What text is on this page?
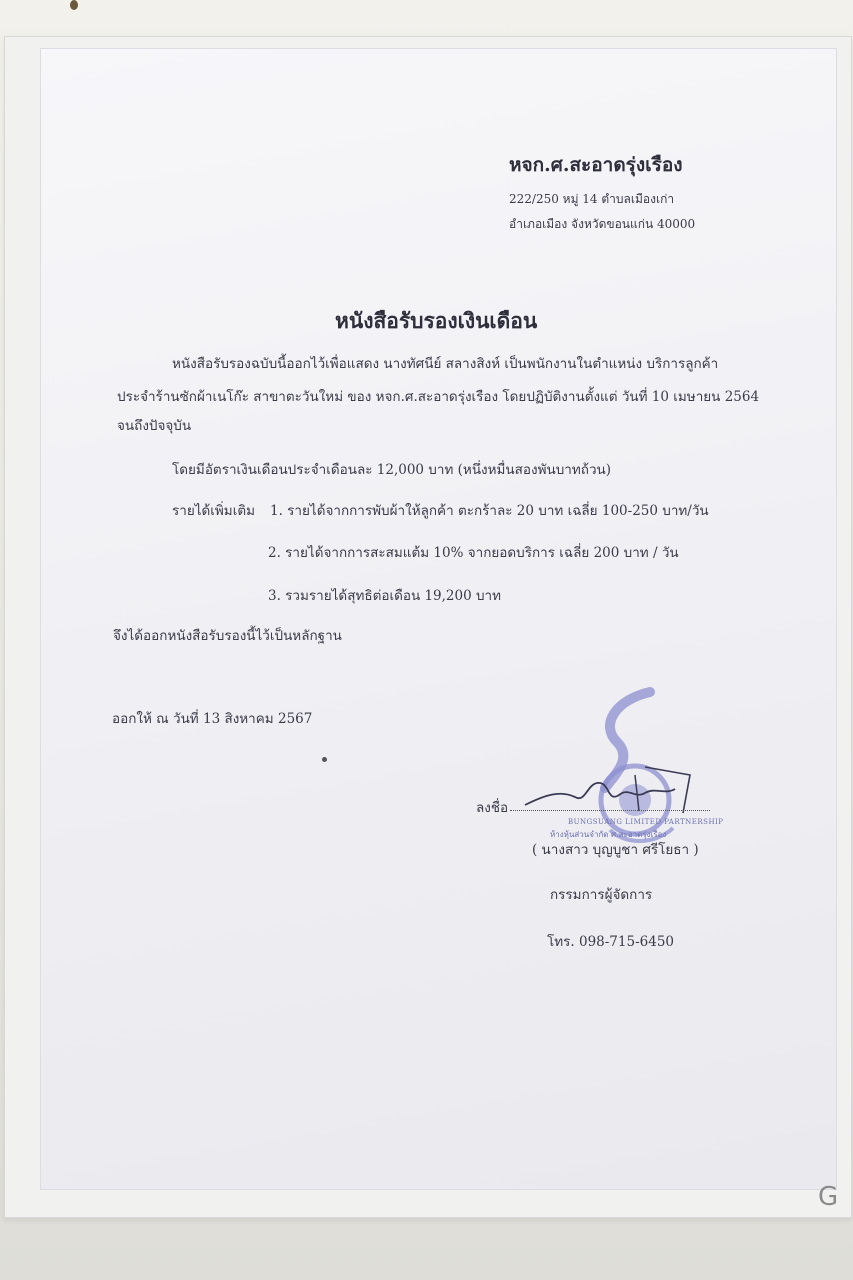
หจก.ศ.สะอาดรุ่งเรือง
222/250 หมู่ 14 ตำบลเมืองเก่า
อำเภอเมือง จังหวัดขอนแก่น 40000
หนังสือรับรองเงินเดือน
หนังสือรับรองฉบับนี้ออกไว้เพื่อแสดง นางทัศนีย์ สลางสิงห์ เป็นพนักงานในตำแหน่ง บริการลูกค้า
ประจำร้านซักผ้าเนโก๊ะ สาขาตะวันใหม่ ของ หจก.ศ.สะอาดรุ่งเรือง โดยปฏิบัติงานตั้งแต่ วันที่ 10 เมษายน 2564
จนถึงปัจจุบัน
โดยมีอัตราเงินเดือนประจำเดือนละ 12,000 บาท (หนึ่งหมื่นสองพันบาทถ้วน)
รายได้เพิ่มเติม 1. รายได้จากการพับผ้าให้ลูกค้า ตะกร้าละ 20 บาท เฉลี่ย 100-250 บาท/วัน
2. รายได้จากการสะสมแต้ม 10% จากยอดบริการ เฉลี่ย 200 บาท / วัน
3. รวมรายได้สุทธิต่อเดือน 19,200 บาท
จึงได้ออกหนังสือรับรองนี้ไว้เป็นหลักฐาน
ออกให้ ณ วันที่ 13 สิงหาคม 2567
ลงชื่อ
BUNGSUANG LIMITED PARTNERSHIP
ห้างหุ้นส่วนจำกัด ศ.สะอาดรุ่งเรือง
( นางสาว บุญบูชา ศรีโยธา )
กรรมการผู้จัดการ
โทร. 098-715-6450
G
